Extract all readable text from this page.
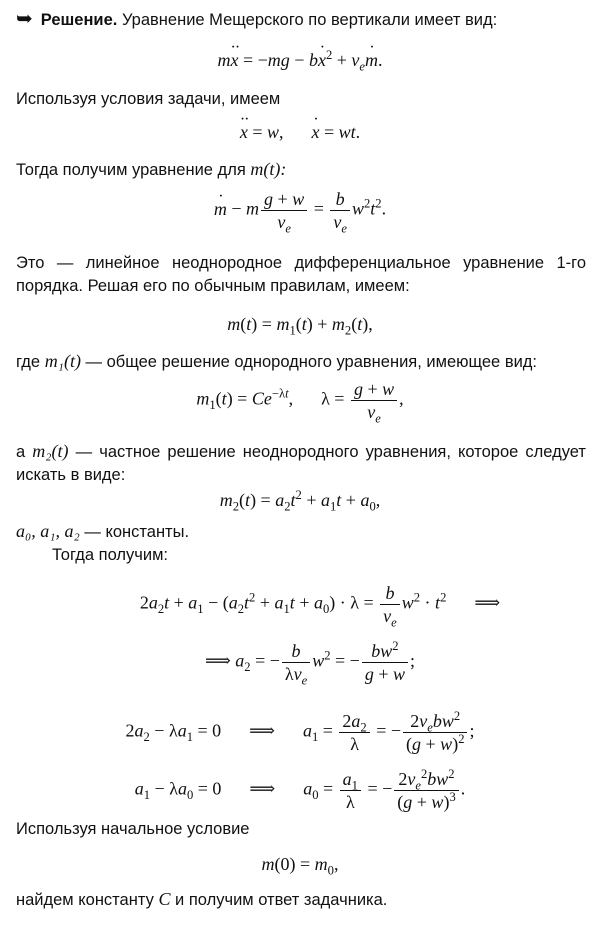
➥ Решение. Уравнение Мещерского по вертикали имеет вид:
$m\cdot\cdot x = -mg - b\cdot x^2 + v_e\cdot m$.
Используя условия задачи, имеем
·· x = w,· x = wt.
Тогда получим уравнение для m(t):
· m − m $\frac{g + w}{v_e} = \frac{b}{v_e} w^2t^2$.
Это — линейное неоднородное дифференциальное уравнение 1-го порядка. Решая его по обычным правилам, имеем:
$m(t) = m_1(t) + m_2(t)$,
где m₁(t) — общее решение однородного уравнения, имеющее вид:
$m_1(t) = Ce^{-\lambda t}$, $\lambda = \frac{g + w}{v_e}$ ,
а m₂(t) — частное решение неоднородного уравнения, которое следует искать в виде:
$m_2(t) = a_2t^2 + a_1t + a_0$,
a₀, a₁, a₂ — константы.
Тогда получим:
$2a_2t + a_1 - (a_2t^2 + a_1t + a_0) \cdot \lambda = \frac{b}{v_e} w^2 \cdot t^2$ ⟹
⟹ $a_2$ = − $\frac{b}{\lambda v_e} w^2$ = − $\frac{bw^2}{g + w}$ ;
$2a_2 - \lambda a_1 = 0$ ⟹ $a_1 = \frac{2a_2}{\lambda}$ = − $\frac{2v_ebw^2}{(g + w)^2}$ ;
$a_1 - \lambda a_0 = 0$ ⟹ $a_0 = \frac{a_1}{\lambda}$ = − $\frac{2v_e^2bw^2}{(g + w)^3}$ .
Используя начальное условие
$m(0) = m_0$,
найдем константу C и получим ответ задачника.
